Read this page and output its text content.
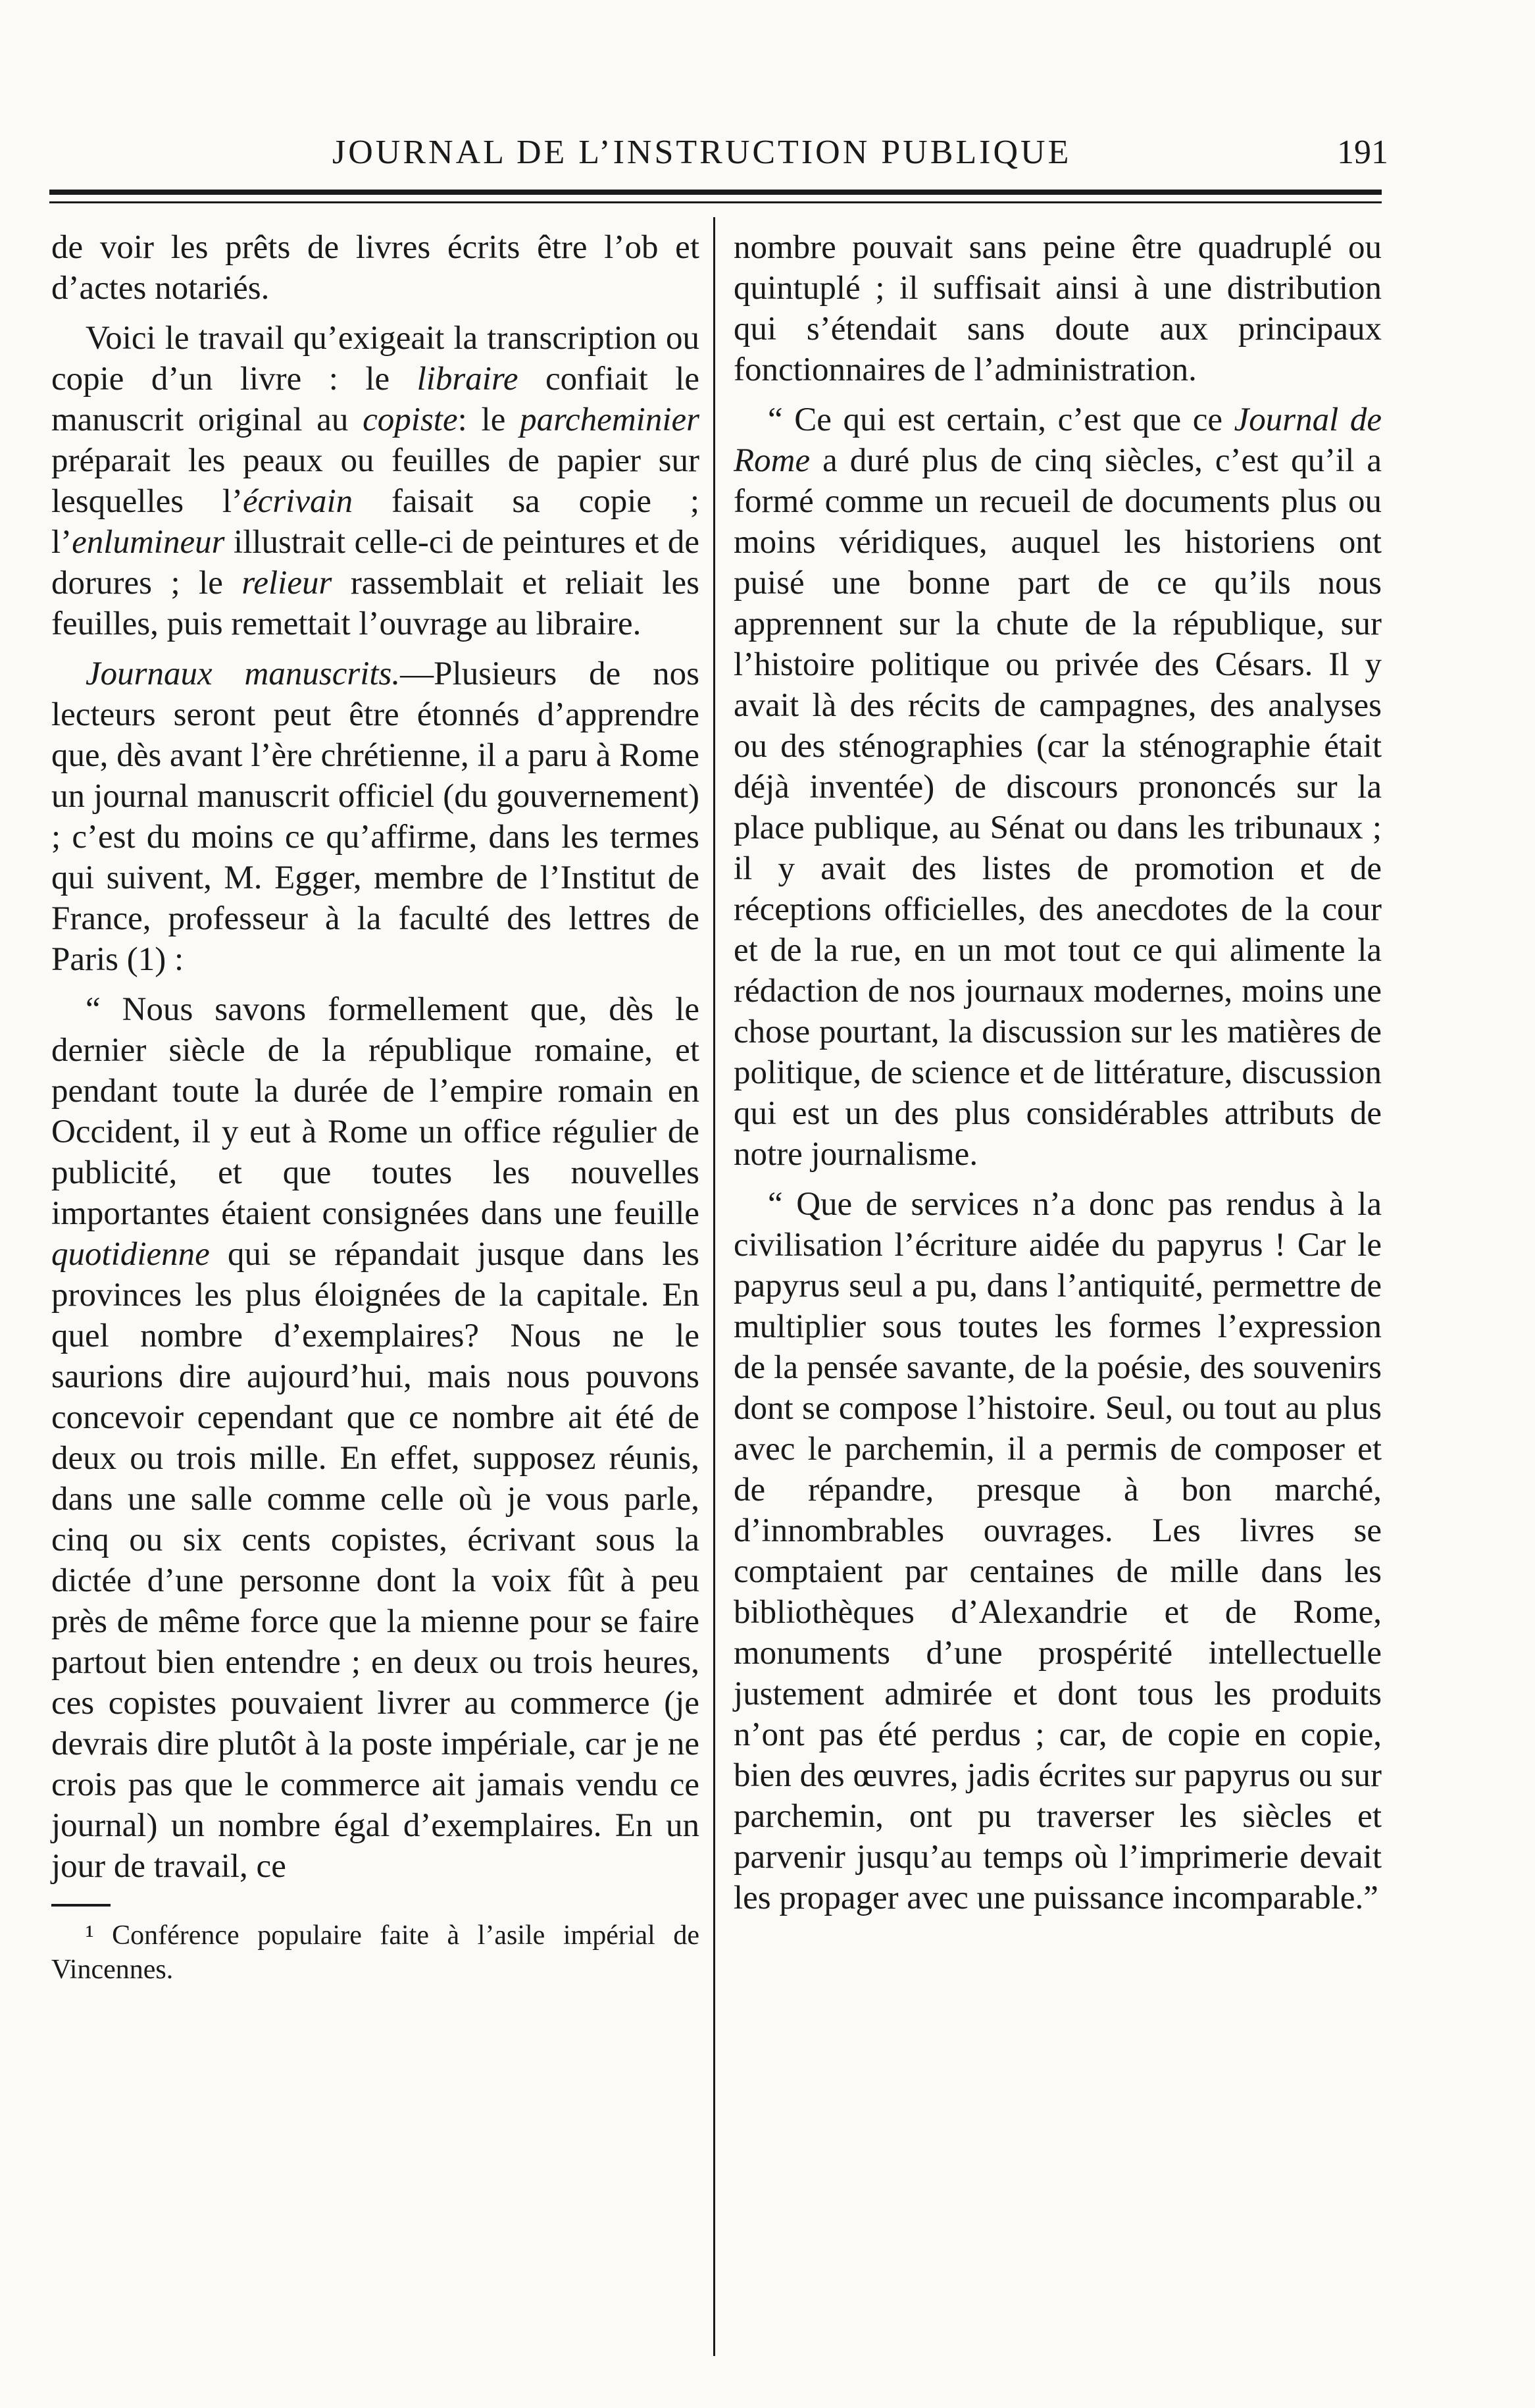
JOURNAL DE L’INSTRUCTION PUBLIQUE	191

de voir les prêts de livres écrits être l’ob et d’actes notariés.

Voici le travail qu’exigeait la transcription ou copie d’un livre : le libraire confiait le manuscrit original au copiste: le parcheminier préparait les peaux ou feuilles de papier sur lesquelles l’écrivain faisait sa copie ; l’enlumineur illustrait celle-ci de peintures et de dorures ; le relieur rassemblait et reliait les feuilles, puis remettait l’ouvrage au libraire.

Journaux manuscrits.—Plusieurs de nos lecteurs seront peut être étonnés d’apprendre que, dès avant l’ère chrétienne, il a paru à Rome un journal manuscrit officiel (du gouvernement) ; c’est du moins ce qu’affirme, dans les termes qui suivent, M. Egger, membre de l’Institut de France, professeur à la faculté des lettres de Paris (1) :

“ Nous savons formellement que, dès le dernier siècle de la république romaine, et pendant toute la durée de l’empire romain en Occident, il y eut à Rome un office régulier de publicité, et que toutes les nouvelles importantes étaient consignées dans une feuille quotidienne qui se répandait jusque dans les provinces les plus éloignées de la capitale. En quel nombre d’exemplaires? Nous ne le saurions dire aujourd’hui, mais nous pouvons concevoir cependant que ce nombre ait été de deux ou trois mille. En effet, supposez réunis, dans une salle comme celle où je vous parle, cinq ou six cents copistes, écrivant sous la dictée d’une personne dont la voix fût à peu près de même force que la mienne pour se faire partout bien entendre ; en deux ou trois heures, ces copistes pouvaient livrer au commerce (je devrais dire plutôt à la poste impériale, car je ne crois pas que le commerce ait jamais vendu ce journal) un nombre égal d’exemplaires. En un jour de travail, ce

¹ Conférence populaire faite à l’asile impérial de Vincennes.

nombre pouvait sans peine être quadruplé ou quintuplé ; il suffisait ainsi à une distribution qui s’étendait sans doute aux principaux fonctionnaires de l’administration.

“ Ce qui est certain, c’est que ce Journal de Rome a duré plus de cinq siècles, c’est qu’il a formé comme un recueil de documents plus ou moins véridiques, auquel les historiens ont puisé une bonne part de ce qu’ils nous apprennent sur la chute de la république, sur l’histoire politique ou privée des Césars. Il y avait là des récits de campagnes, des analyses ou des sténographies (car la sténographie était déjà inventée) de discours prononcés sur la place publique, au Sénat ou dans les tribunaux ; il y avait des listes de promotion et de réceptions officielles, des anecdotes de la cour et de la rue, en un mot tout ce qui alimente la rédaction de nos journaux modernes, moins une chose pourtant, la discussion sur les matières de politique, de science et de littérature, discussion qui est un des plus considérables attributs de notre journalisme.

“ Que de services n’a donc pas rendus à la civilisation l’écriture aidée du papyrus ! Car le papyrus seul a pu, dans l’antiquité, permettre de multiplier sous toutes les formes l’expression de la pensée savante, de la poésie, des souvenirs dont se compose l’histoire. Seul, ou tout au plus avec le parchemin, il a permis de composer et de répandre, presque à bon marché, d’innombrables ouvrages. Les livres se comptaient par centaines de mille dans les bibliothèques d’Alexandrie et de Rome, monuments d’une prospérité intellectuelle justement admirée et dont tous les produits n’ont pas été perdus ; car, de copie en copie, bien des œuvres, jadis écrites sur papyrus ou sur parchemin, ont pu traverser les siècles et parvenir jusqu’au temps où l’imprimerie devait les propager avec une puissance incomparable.”
